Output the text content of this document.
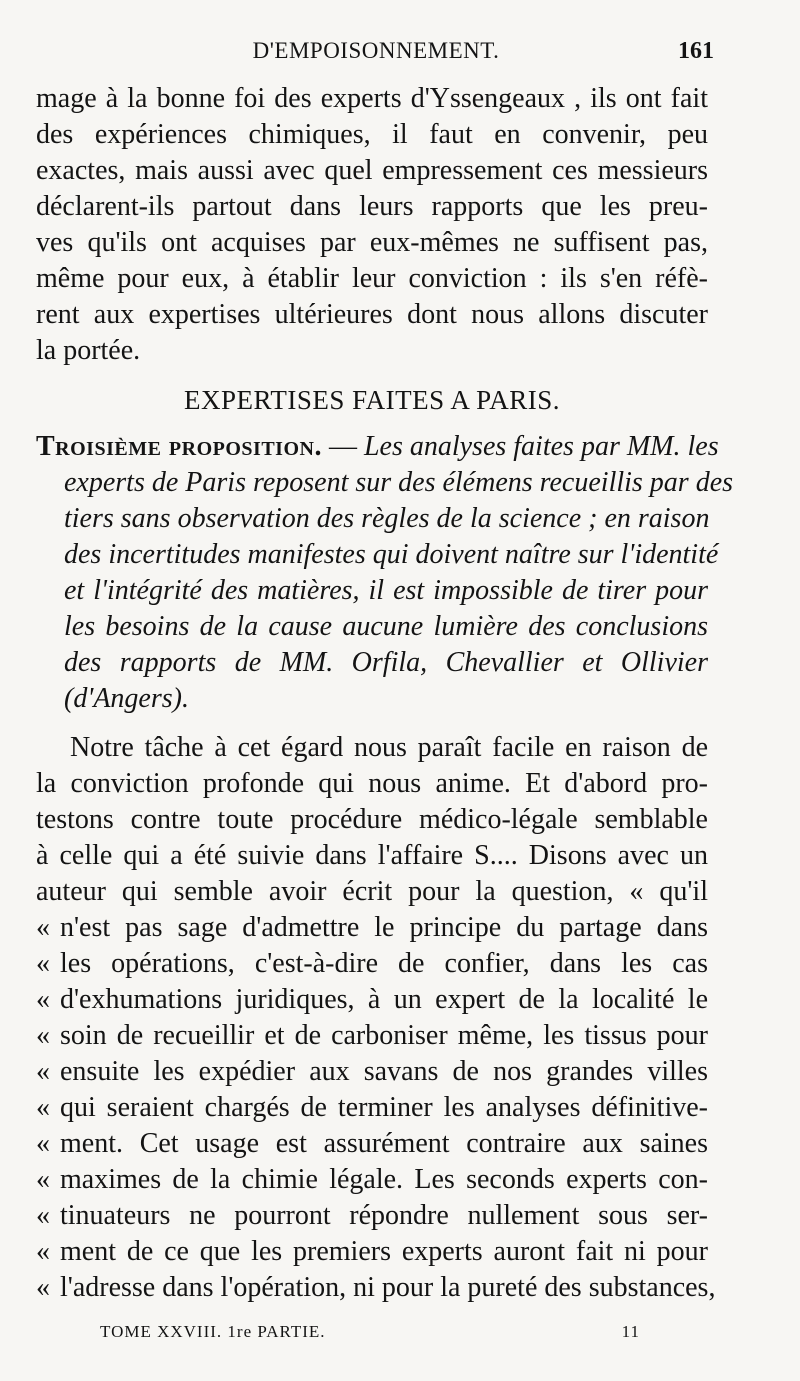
D'EMPOISONNEMENT.	161
mage à la bonne foi des experts d'Yssengeaux , ils ont fait
des expériences chimiques, il faut en convenir, peu
exactes, mais aussi avec quel empressement ces messieurs
déclarent-ils partout dans leurs rapports que les preu-
ves qu'ils ont acquises par eux-mêmes ne suffisent pas,
même pour eux, à établir leur conviction : ils s'en réfè-
rent aux expertises ultérieures dont nous allons discuter
la portée.
EXPERTISES FAITES A PARIS.
Troisième proposition. — Les analyses faites par MM. les
experts de Paris reposent sur des élémens recueillis par des
tiers sans observation des règles de la science ; en raison
des incertitudes manifestes qui doivent naître sur l'identité
et l'intégrité des matières, il est impossible de tirer pour
les besoins de la cause aucune lumière des conclusions
des rapports de MM. Orfila, Chevallier et Ollivier
(d'Angers).
Notre tâche à cet égard nous paraît facile en raison de
la conviction profonde qui nous anime. Et d'abord pro-
testons contre toute procédure médico-légale semblable
à celle qui a été suivie dans l'affaire S.... Disons avec un
auteur qui semble avoir écrit pour la question, « qu'il
« n'est pas sage d'admettre le principe du partage dans
« les opérations, c'est-à-dire de confier, dans les cas
« d'exhumations juridiques, à un expert de la localité le
« soin de recueillir et de carboniser même, les tissus pour
« ensuite les expédier aux savans de nos grandes villes
« qui seraient chargés de terminer les analyses définitive-
« ment. Cet usage est assurément contraire aux saines
« maximes de la chimie légale. Les seconds experts con-
« tinuateurs ne pourront répondre nullement sous ser-
« ment de ce que les premiers experts auront fait ni pour
« l'adresse dans l'opération, ni pour la pureté des substances,
TOME XXVIII. 1re PARTIE.	11
